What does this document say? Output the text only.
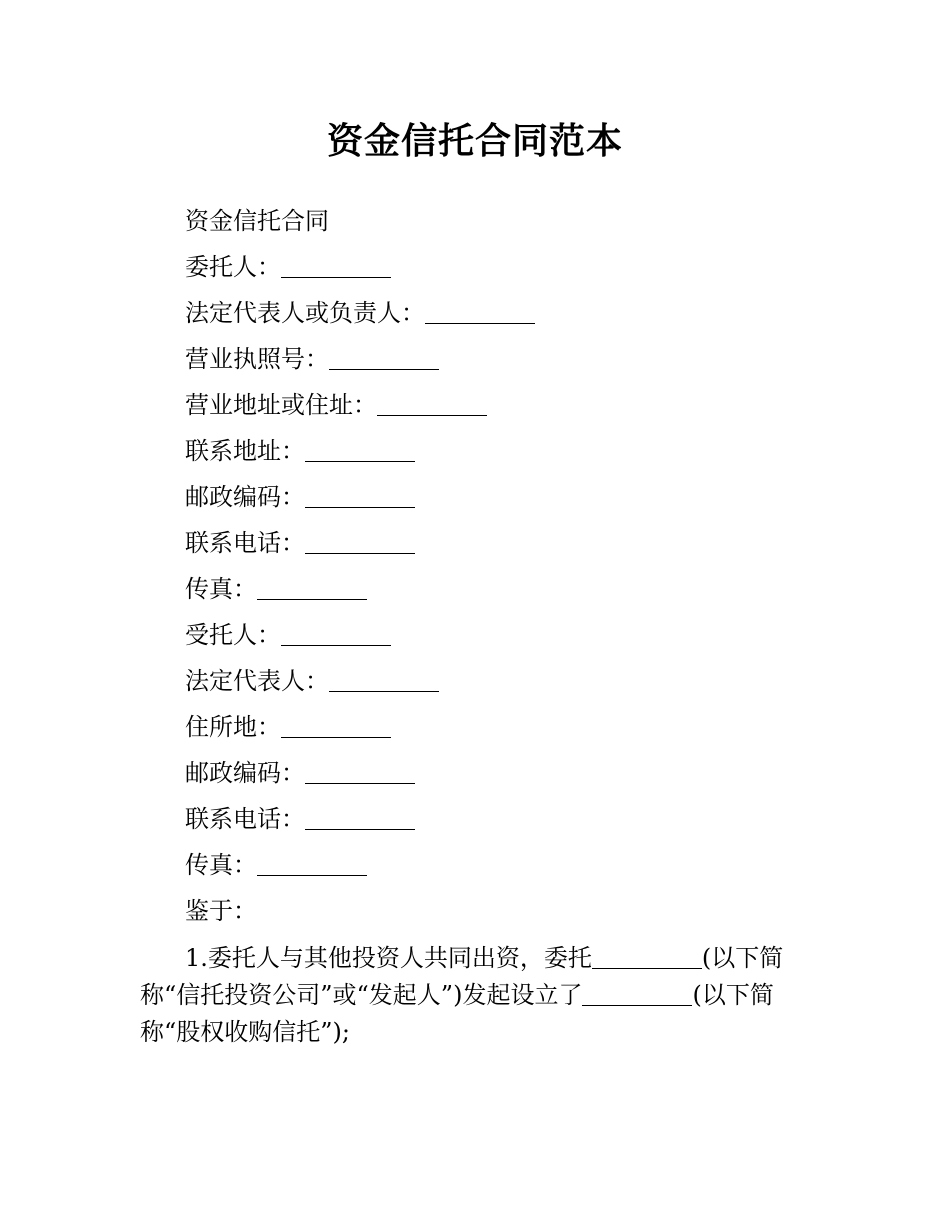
资金信托合同范本
资金信托合同
委托人：
法定代表人或负责人：
营业执照号：
营业地址或住址：
联系地址：
邮政编码：
联系电话：
传真：
受托人：
法定代表人：
住所地：
邮政编码：
联系电话：
传真：
鉴于：
1.委托人与其他投资人共同出资，委托	(以下简称“信托投资公司”或“发起人”)发起设立了	(以下简称“股权收购信托”);
